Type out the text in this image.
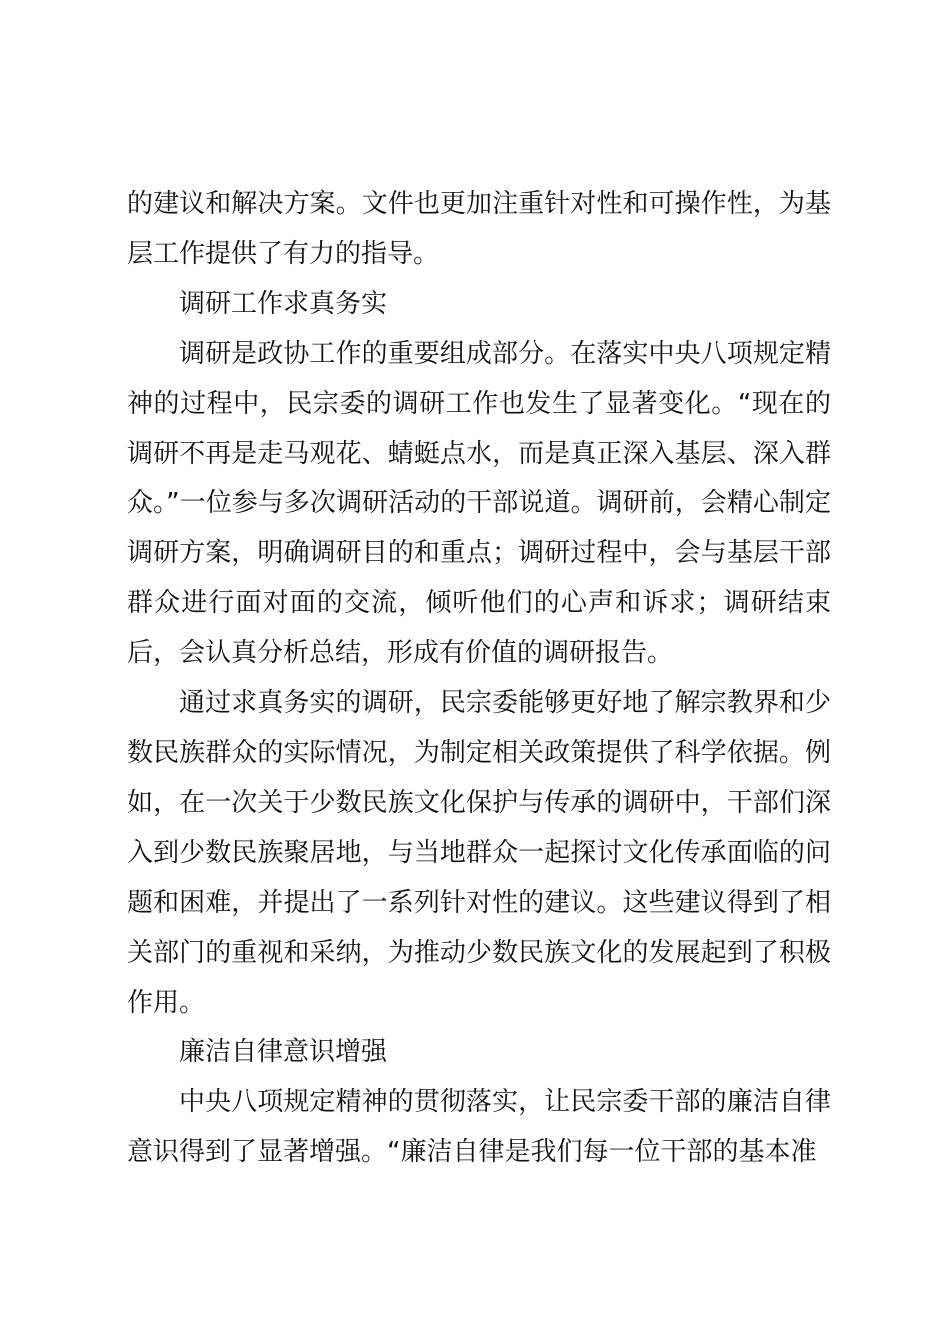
的建议和解决方案。文件也更加注重针对性和可操作性，为基层工作提供了有力的指导。

调研工作求真务实

调研是政协工作的重要组成部分。在落实中央八项规定精神的过程中，民宗委的调研工作也发生了显著变化。“现在的调研不再是走马观花、蜻蜓点水，而是真正深入基层、深入群众。”一位参与多次调研活动的干部说道。调研前，会精心制定调研方案，明确调研目的和重点；调研过程中，会与基层干部群众进行面对面的交流，倾听他们的心声和诉求；调研结束后，会认真分析总结，形成有价值的调研报告。

通过求真务实的调研，民宗委能够更好地了解宗教界和少数民族群众的实际情况，为制定相关政策提供了科学依据。例如，在一次关于少数民族文化保护与传承的调研中，干部们深入到少数民族聚居地，与当地群众一起探讨文化传承面临的问题和困难，并提出了一系列针对性的建议。这些建议得到了相关部门的重视和采纳，为推动少数民族文化的发展起到了积极作用。

廉洁自律意识增强

中央八项规定精神的贯彻落实，让民宗委干部的廉洁自律意识得到了显著增强。“廉洁自律是我们每一位干部的基本准
